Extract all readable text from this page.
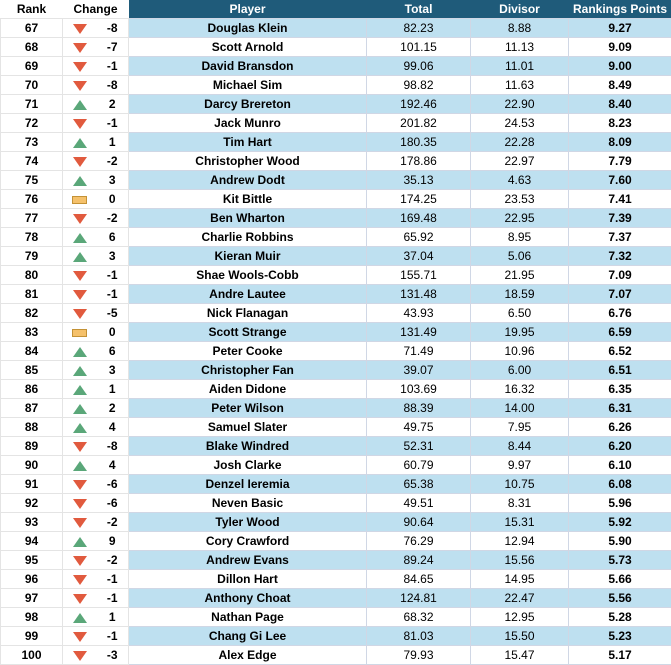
Rank	Change		Player	Total	Divisor	Rankings Points
67		-8	Douglas Klein	82.23	8.88	9.27
68		-7	Scott Arnold	101.15	11.13	9.09
69		-1	David Bransdon	99.06	11.01	9.00
70		-8	Michael Sim	98.82	11.63	8.49
71		2	Darcy Brereton	192.46	22.90	8.40
72		-1	Jack Munro	201.82	24.53	8.23
73		1	Tim Hart	180.35	22.28	8.09
74		-2	Christopher Wood	178.86	22.97	7.79
75		3	Andrew Dodt	35.13	4.63	7.60
76		0	Kit Bittle	174.25	23.53	7.41
77		-2	Ben Wharton	169.48	22.95	7.39
78		6	Charlie Robbins	65.92	8.95	7.37
79		3	Kieran Muir	37.04	5.06	7.32
80		-1	Shae Wools-Cobb	155.71	21.95	7.09
81		-1	Andre Lautee	131.48	18.59	7.07
82		-5	Nick Flanagan	43.93	6.50	6.76
83		0	Scott Strange	131.49	19.95	6.59
84		6	Peter Cooke	71.49	10.96	6.52
85		3	Christopher Fan	39.07	6.00	6.51
86		1	Aiden Didone	103.69	16.32	6.35
87		2	Peter Wilson	88.39	14.00	6.31
88		4	Samuel Slater	49.75	7.95	6.26
89		-8	Blake Windred	52.31	8.44	6.20
90		4	Josh Clarke	60.79	9.97	6.10
91		-6	Denzel Ieremia	65.38	10.75	6.08
92		-6	Neven Basic	49.51	8.31	5.96
93		-2	Tyler Wood	90.64	15.31	5.92
94		9	Cory Crawford	76.29	12.94	5.90
95		-2	Andrew Evans	89.24	15.56	5.73
96		-1	Dillon Hart	84.65	14.95	5.66
97		-1	Anthony Choat	124.81	22.47	5.56
98		1	Nathan Page	68.32	12.95	5.28
99		-1	Chang Gi Lee	81.03	15.50	5.23
100		-3	Alex Edge	79.93	15.47	5.17
